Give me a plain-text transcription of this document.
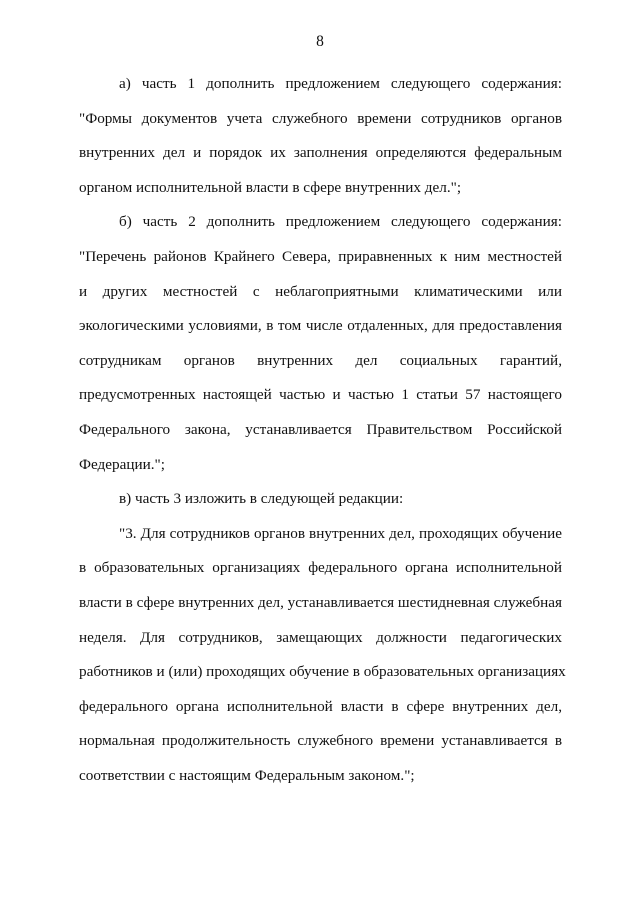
8
а) часть 1 дополнить предложением следующего содержания:
"Формы документов учета служебного времени сотрудников органов
внутренних дел и порядок их заполнения определяются федеральным
органом исполнительной власти в сфере внутренних дел.";
б) часть 2 дополнить предложением следующего содержания:
"Перечень районов Крайнего Севера, приравненных к ним местностей
и других местностей с неблагоприятными климатическими или
экологическими условиями, в том числе отдаленных, для предоставления
сотрудникам органов внутренних дел социальных гарантий,
предусмотренных настоящей частью и частью 1 статьи 57 настоящего
Федерального закона, устанавливается Правительством Российской
Федерации.";
в) часть 3 изложить в следующей редакции:
"3. Для сотрудников органов внутренних дел, проходящих обучение
в образовательных организациях федерального органа исполнительной
власти в сфере внутренних дел, устанавливается шестидневная служебная
неделя. Для сотрудников, замещающих должности педагогических
работников и (или) проходящих обучение в образовательных организациях
федерального органа исполнительной власти в сфере внутренних дел,
нормальная продолжительность служебного времени устанавливается в
соответствии с настоящим Федеральным законом.";
